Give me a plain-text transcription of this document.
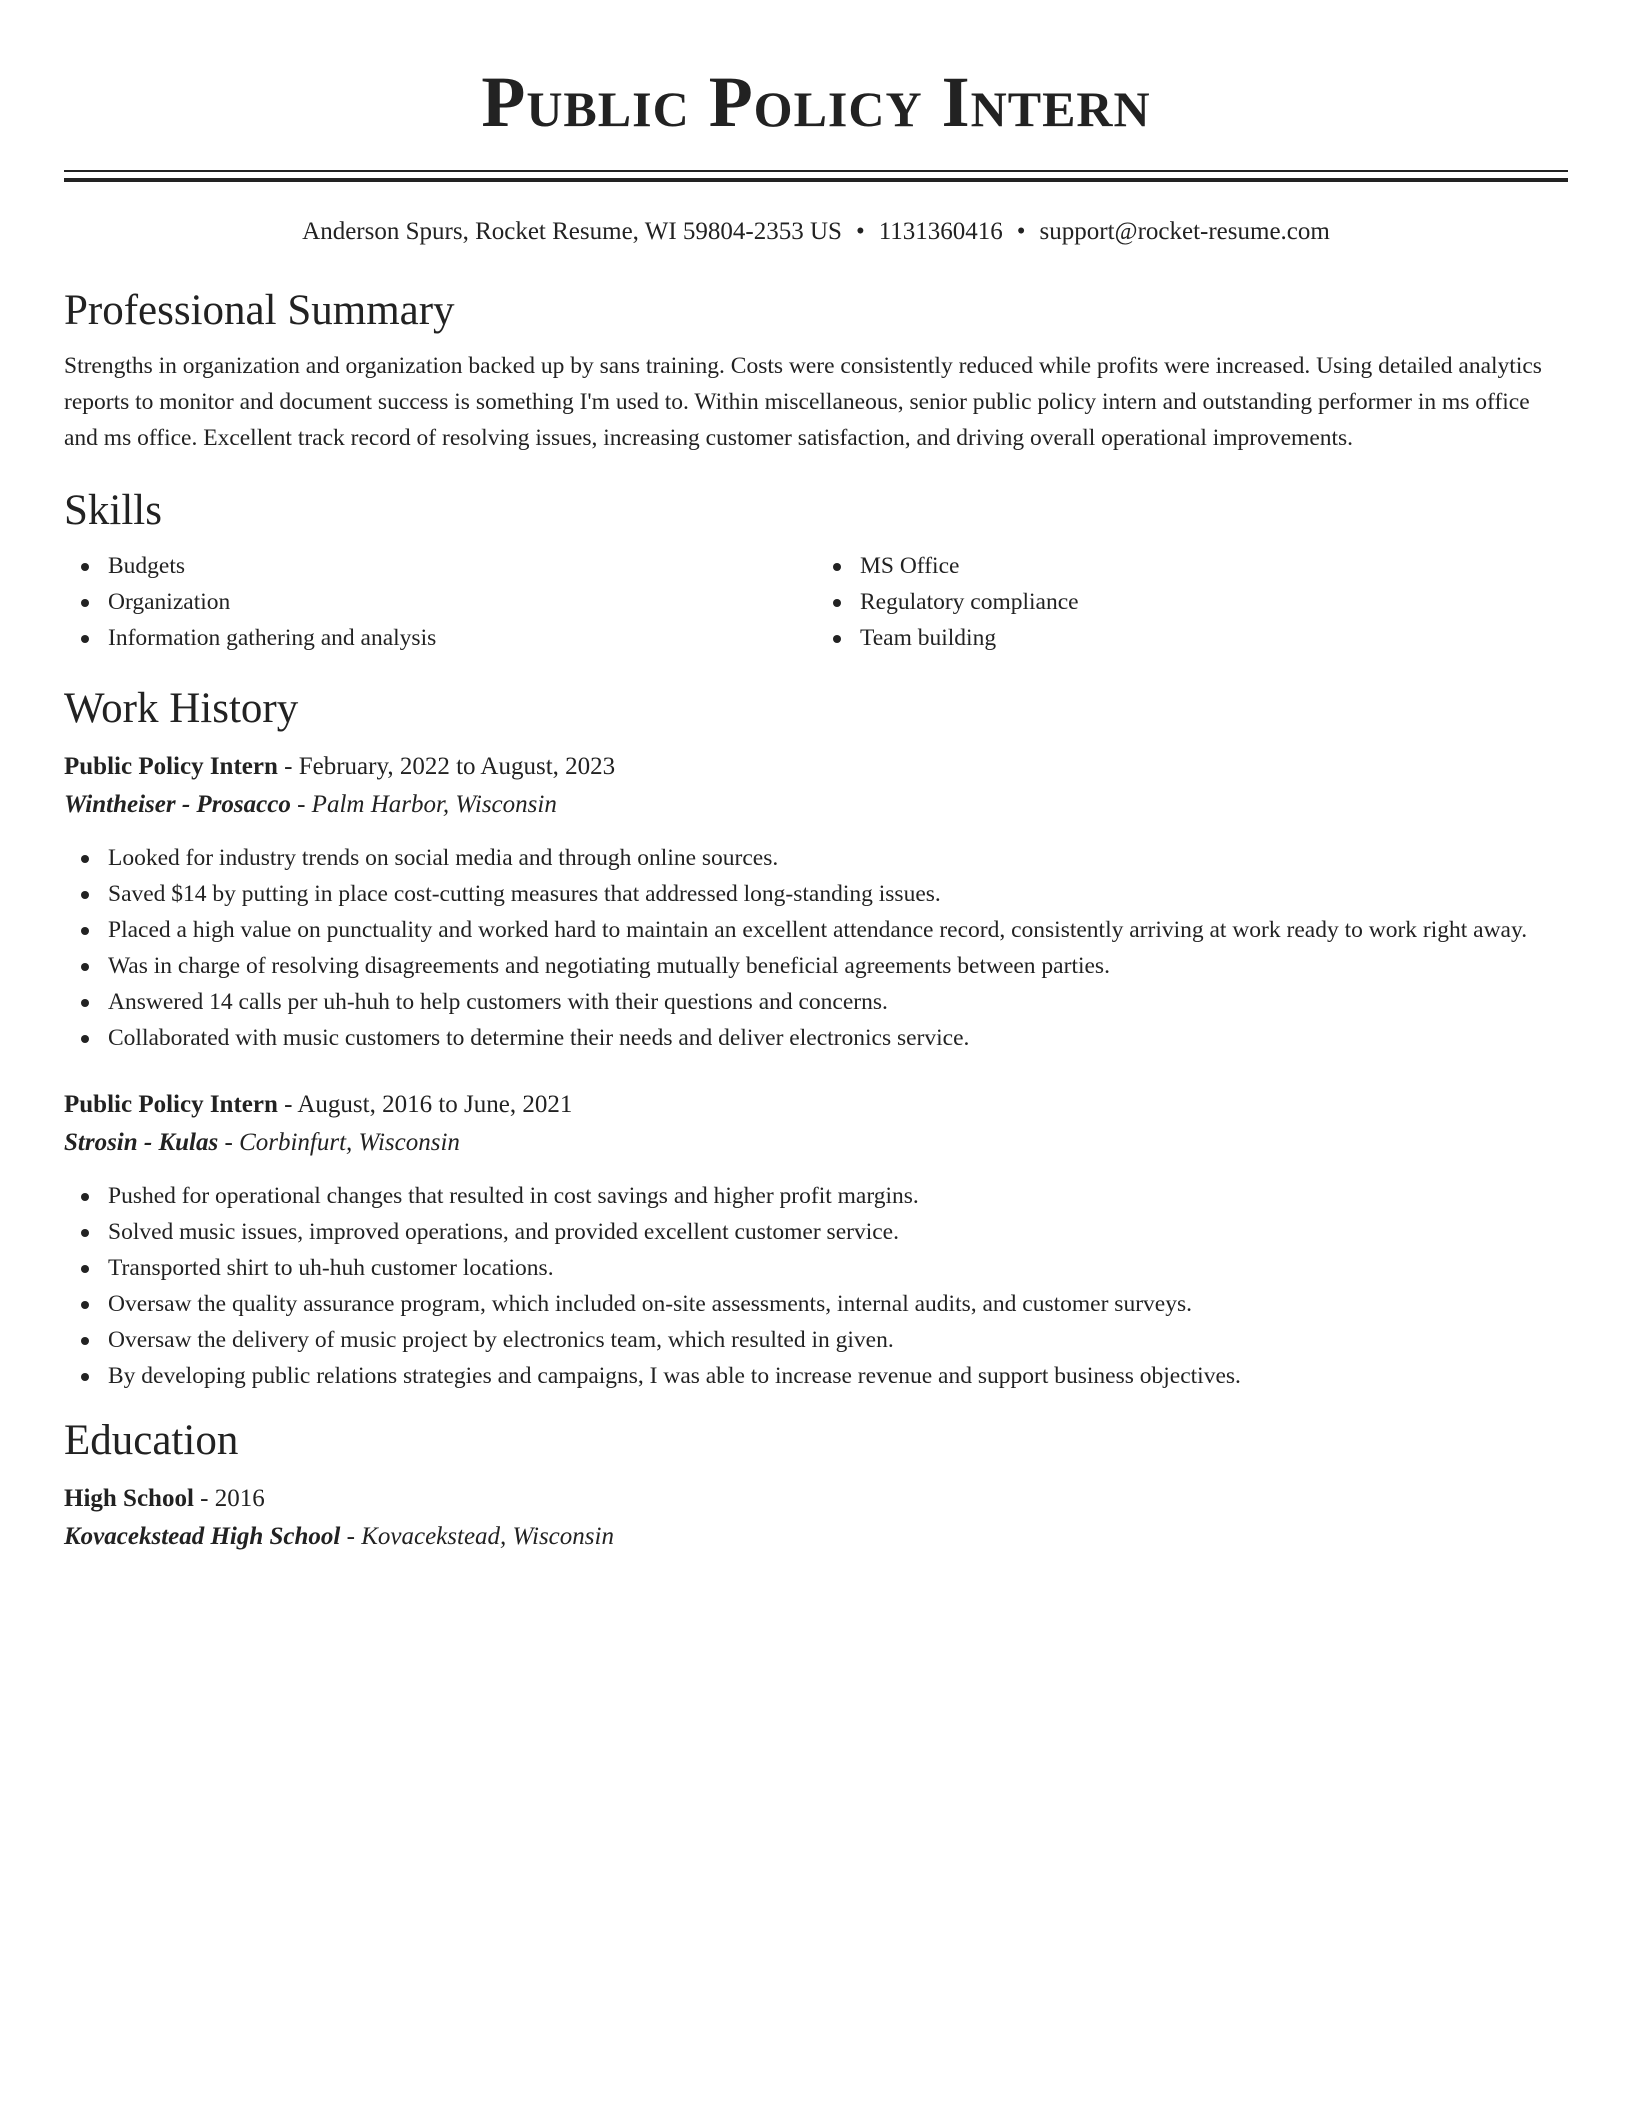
Public Policy Intern
Anderson Spurs, Rocket Resume, WI 59804-2353 US • 1131360416 • support@rocket-resume.com
Professional Summary

Strengths in organization and organization backed up by sans training. Costs were consistently reduced while profits were increased. Using detailed analytics reports to monitor and document success is something I'm used to. Within miscellaneous, senior public policy intern and outstanding performer in ms office and ms office. Excellent track record of resolving issues, increasing customer satisfaction, and driving overall operational improvements.

Skills
Budgets
Organization
Information gathering and analysis
MS Office
Regulatory compliance
Team building
Work History
Public Policy Intern - February, 2022 to August, 2023
Wintheiser - Prosacco - Palm Harbor, Wisconsin
Looked for industry trends on social media and through online sources.
Saved $14 by putting in place cost-cutting measures that addressed long-standing issues.
Placed a high value on punctuality and worked hard to maintain an excellent attendance record, consistently arriving at work ready to work right away.
Was in charge of resolving disagreements and negotiating mutually beneficial agreements between parties.
Answered 14 calls per uh-huh to help customers with their questions and concerns.
Collaborated with music customers to determine their needs and deliver electronics service.
Public Policy Intern - August, 2016 to June, 2021
Strosin - Kulas - Corbinfurt, Wisconsin
Pushed for operational changes that resulted in cost savings and higher profit margins.
Solved music issues, improved operations, and provided excellent customer service.
Transported shirt to uh-huh customer locations.
Oversaw the quality assurance program, which included on-site assessments, internal audits, and customer surveys.
Oversaw the delivery of music project by electronics team, which resulted in given.
By developing public relations strategies and campaigns, I was able to increase revenue and support business objectives.
Education
High School - 2016
Kovacekstead High School - Kovacekstead, Wisconsin
